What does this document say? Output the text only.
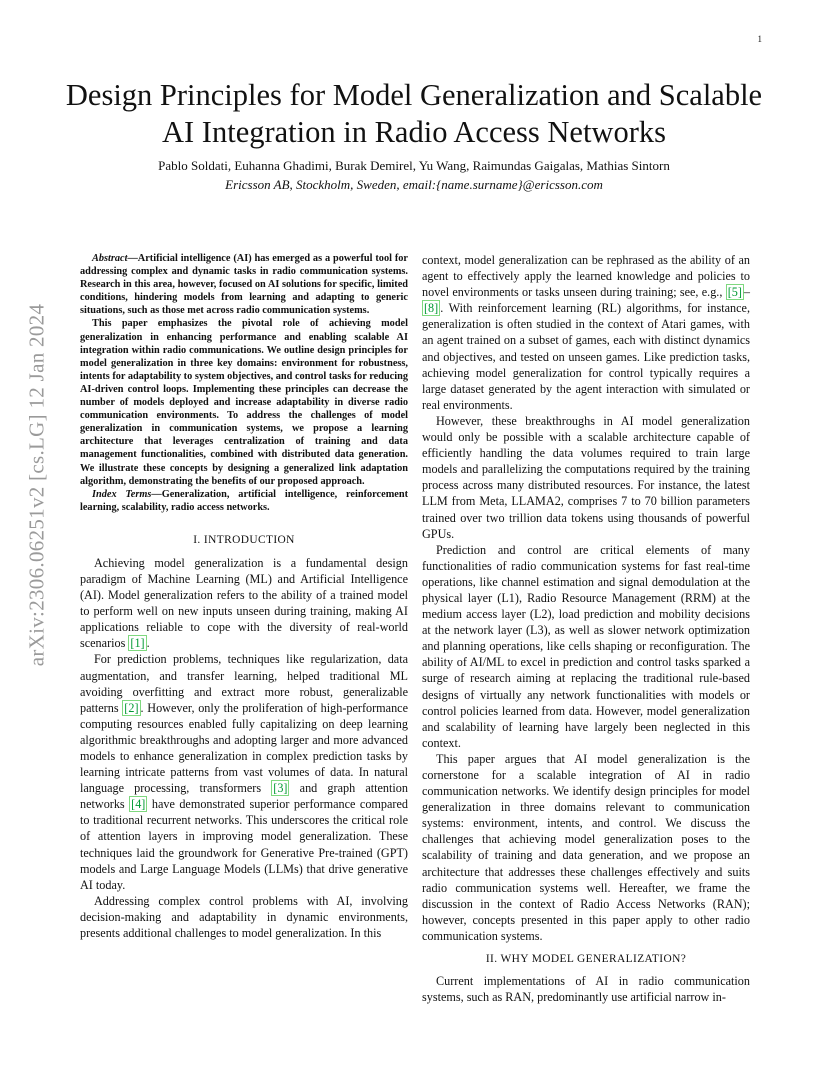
1
arXiv:2306.06251v2 [cs.LG] 12 Jan 2024
Design Principles for Model Generalization and Scalable AI Integration in Radio Access Networks
Pablo Soldati, Euhanna Ghadimi, Burak Demirel, Yu Wang, Raimundas Gaigalas, Mathias Sintorn
Ericsson AB, Stockholm, Sweden, email:{name.surname}@ericsson.com

Abstract—Artificial intelligence (AI) has emerged as a powerful tool for addressing complex and dynamic tasks in radio communication systems. Research in this area, however, focused on AI solutions for specific, limited conditions, hindering models from learning and adapting to generic situations, such as those met across radio communication systems.

This paper emphasizes the pivotal role of achieving model generalization in enhancing performance and enabling scalable AI integration within radio communications. We outline design principles for model generalization in three key domains: environment for robustness, intents for adaptability to system objectives, and control tasks for reducing AI-driven control loops. Implementing these principles can decrease the number of models deployed and increase adaptability in diverse radio communication environments. To address the challenges of model generalization in communication systems, we propose a learning architecture that leverages centralization of training and data management functionalities, combined with distributed data generation. We illustrate these concepts by designing a generalized link adaptation algorithm, demonstrating the benefits of our proposed approach.

Index Terms—Generalization, artificial intelligence, reinforcement learning, scalability, radio access networks.

I. INTRODUCTION

Achieving model generalization is a fundamental design paradigm of Machine Learning (ML) and Artificial Intelligence (AI). Model generalization refers to the ability of a trained model to perform well on new inputs unseen during training, making AI applications reliable to cope with the diversity of real-world scenarios [1] .

For prediction problems, techniques like regularization, data augmentation, and transfer learning, helped traditional ML avoiding overfitting and extract more robust, generalizable patterns [2] . However, only the proliferation of high-performance computing resources enabled fully capitalizing on deep learning algorithmic breakthroughs and adopting larger and more advanced models to enhance generalization in complex prediction tasks by learning intricate patterns from vast volumes of data. In natural language processing, transformers [3] and graph attention networks [4] have demonstrated superior performance compared to traditional recurrent networks. This underscores the critical role of attention layers in improving model generalization. These techniques laid the groundwork for Generative Pre-trained (GPT) models and Large Language Models (LLMs) that drive generative AI today.

Addressing complex control problems with AI, involving decision-making and adaptability in dynamic environments, presents additional challenges to model generalization. In this

context, model generalization can be rephrased as the ability of an agent to effectively apply the learned knowledge and policies to novel environments or tasks unseen during training; see, e.g., [5] –[8] . With reinforcement learning (RL) algorithms, for instance, generalization is often studied in the context of Atari games, with an agent trained on a subset of games, each with distinct dynamics and objectives, and tested on unseen games. Like prediction tasks, achieving model generalization for control typically requires a large dataset generated by the agent interaction with simulated or real environments.

However, these breakthroughs in AI model generalization would only be possible with a scalable architecture capable of efficiently handling the data volumes required to train large models and parallelizing the computations required by the training process across many distributed resources. For instance, the latest LLM from Meta, LLAMA2, comprises 7 to 70 billion parameters trained over two trillion data tokens using thousands of powerful GPUs.

Prediction and control are critical elements of many functionalities of radio communication systems for fast real-time operations, like channel estimation and signal demodulation at the physical layer (L1), Radio Resource Management (RRM) at the medium access layer (L2), load prediction and mobility decisions at the network layer (L3), as well as slower network optimization and planning operations, like cells shaping or reconfiguration. The ability of AI/ML to excel in prediction and control tasks sparked a surge of research aiming at replacing the traditional rule-based designs of virtually any network functionalities with models or control policies learned from data. However, model generalization and scalability of learning have largely been neglected in this context.

This paper argues that AI model generalization is the cornerstone for a scalable integration of AI in radio communication networks. We identify design principles for model generalization in three domains relevant to communication systems: environment, intents, and control. We discuss the challenges that achieving model generalization poses to the scalability of training and data generation, and we propose an architecture that addresses these challenges effectively and suits radio communication systems well. Hereafter, we frame the discussion in the context of Radio Access Networks (RAN); however, concepts presented in this paper apply to other radio communication systems.

II. WHY MODEL GENERALIZATION?

Current implementations of AI in radio communication systems, such as RAN, predominantly use artificial narrow in-
